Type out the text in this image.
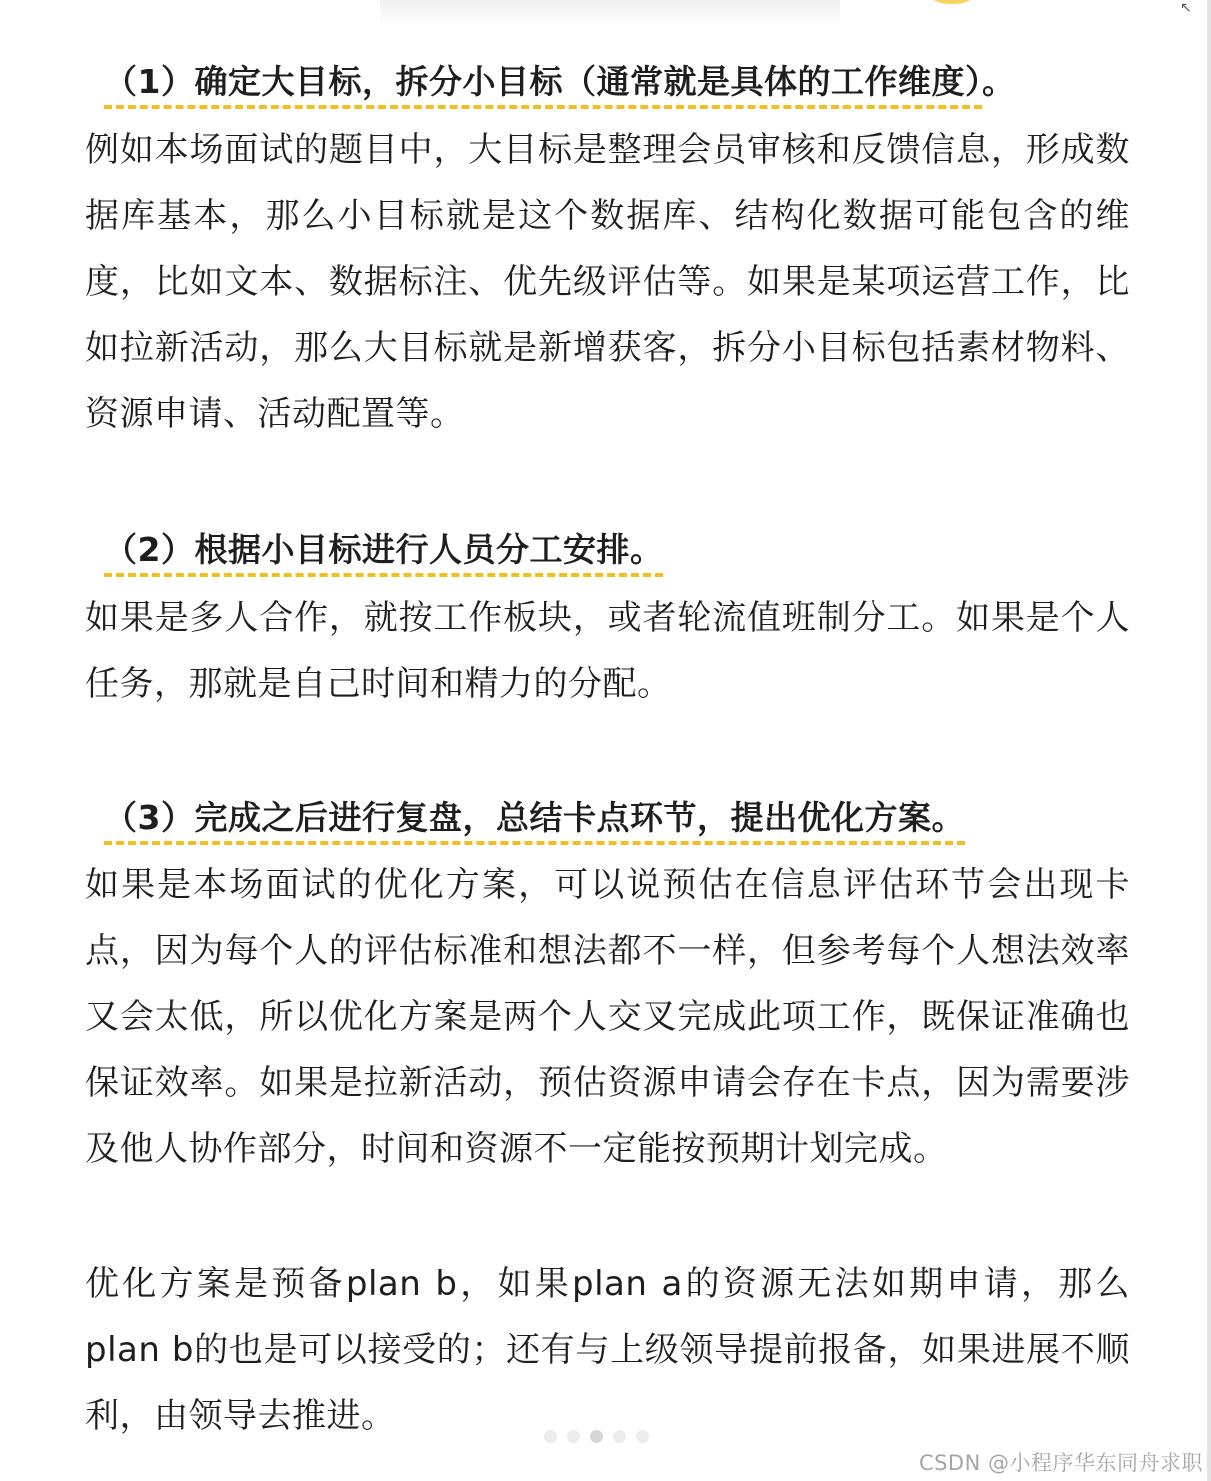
↖
（1）确定大目标，拆分小目标（通常就是具体的工作维度）。

例如本场面试的题目中，大目标是整理会员审核和反馈信息，形成数据库基本，那么小目标就是这个数据库、结构化数据可能包含的维度，比如文本、数据标注、优先级评估等。如果是某项运营工作，比如拉新活动，那么大目标就是新增获客，拆分小目标包括素材物料、资源申请、活动配置等。

（2）根据小目标进行人员分工安排。

如果是多人合作，就按工作板块，或者轮流值班制分工。如果是个人任务，那就是自己时间和精力的分配。

（3）完成之后进行复盘，总结卡点环节，提出优化方案。

如果是本场面试的优化方案，可以说预估在信息评估环节会出现卡点，因为每个人的评估标准和想法都不一样，但参考每个人想法效率又会太低，所以优化方案是两个人交叉完成此项工作，既保证准确也保证效率。如果是拉新活动，预估资源申请会存在卡点，因为需要涉及他人协作部分，时间和资源不一定能按预期计划完成。

优化方案是预备plan b，如果plan a的资源无法如期申请，那么plan b的也是可以接受的；还有与上级领导提前报备，如果进展不顺利，由领导去推进。

CSDN @小程序华东同舟求职
